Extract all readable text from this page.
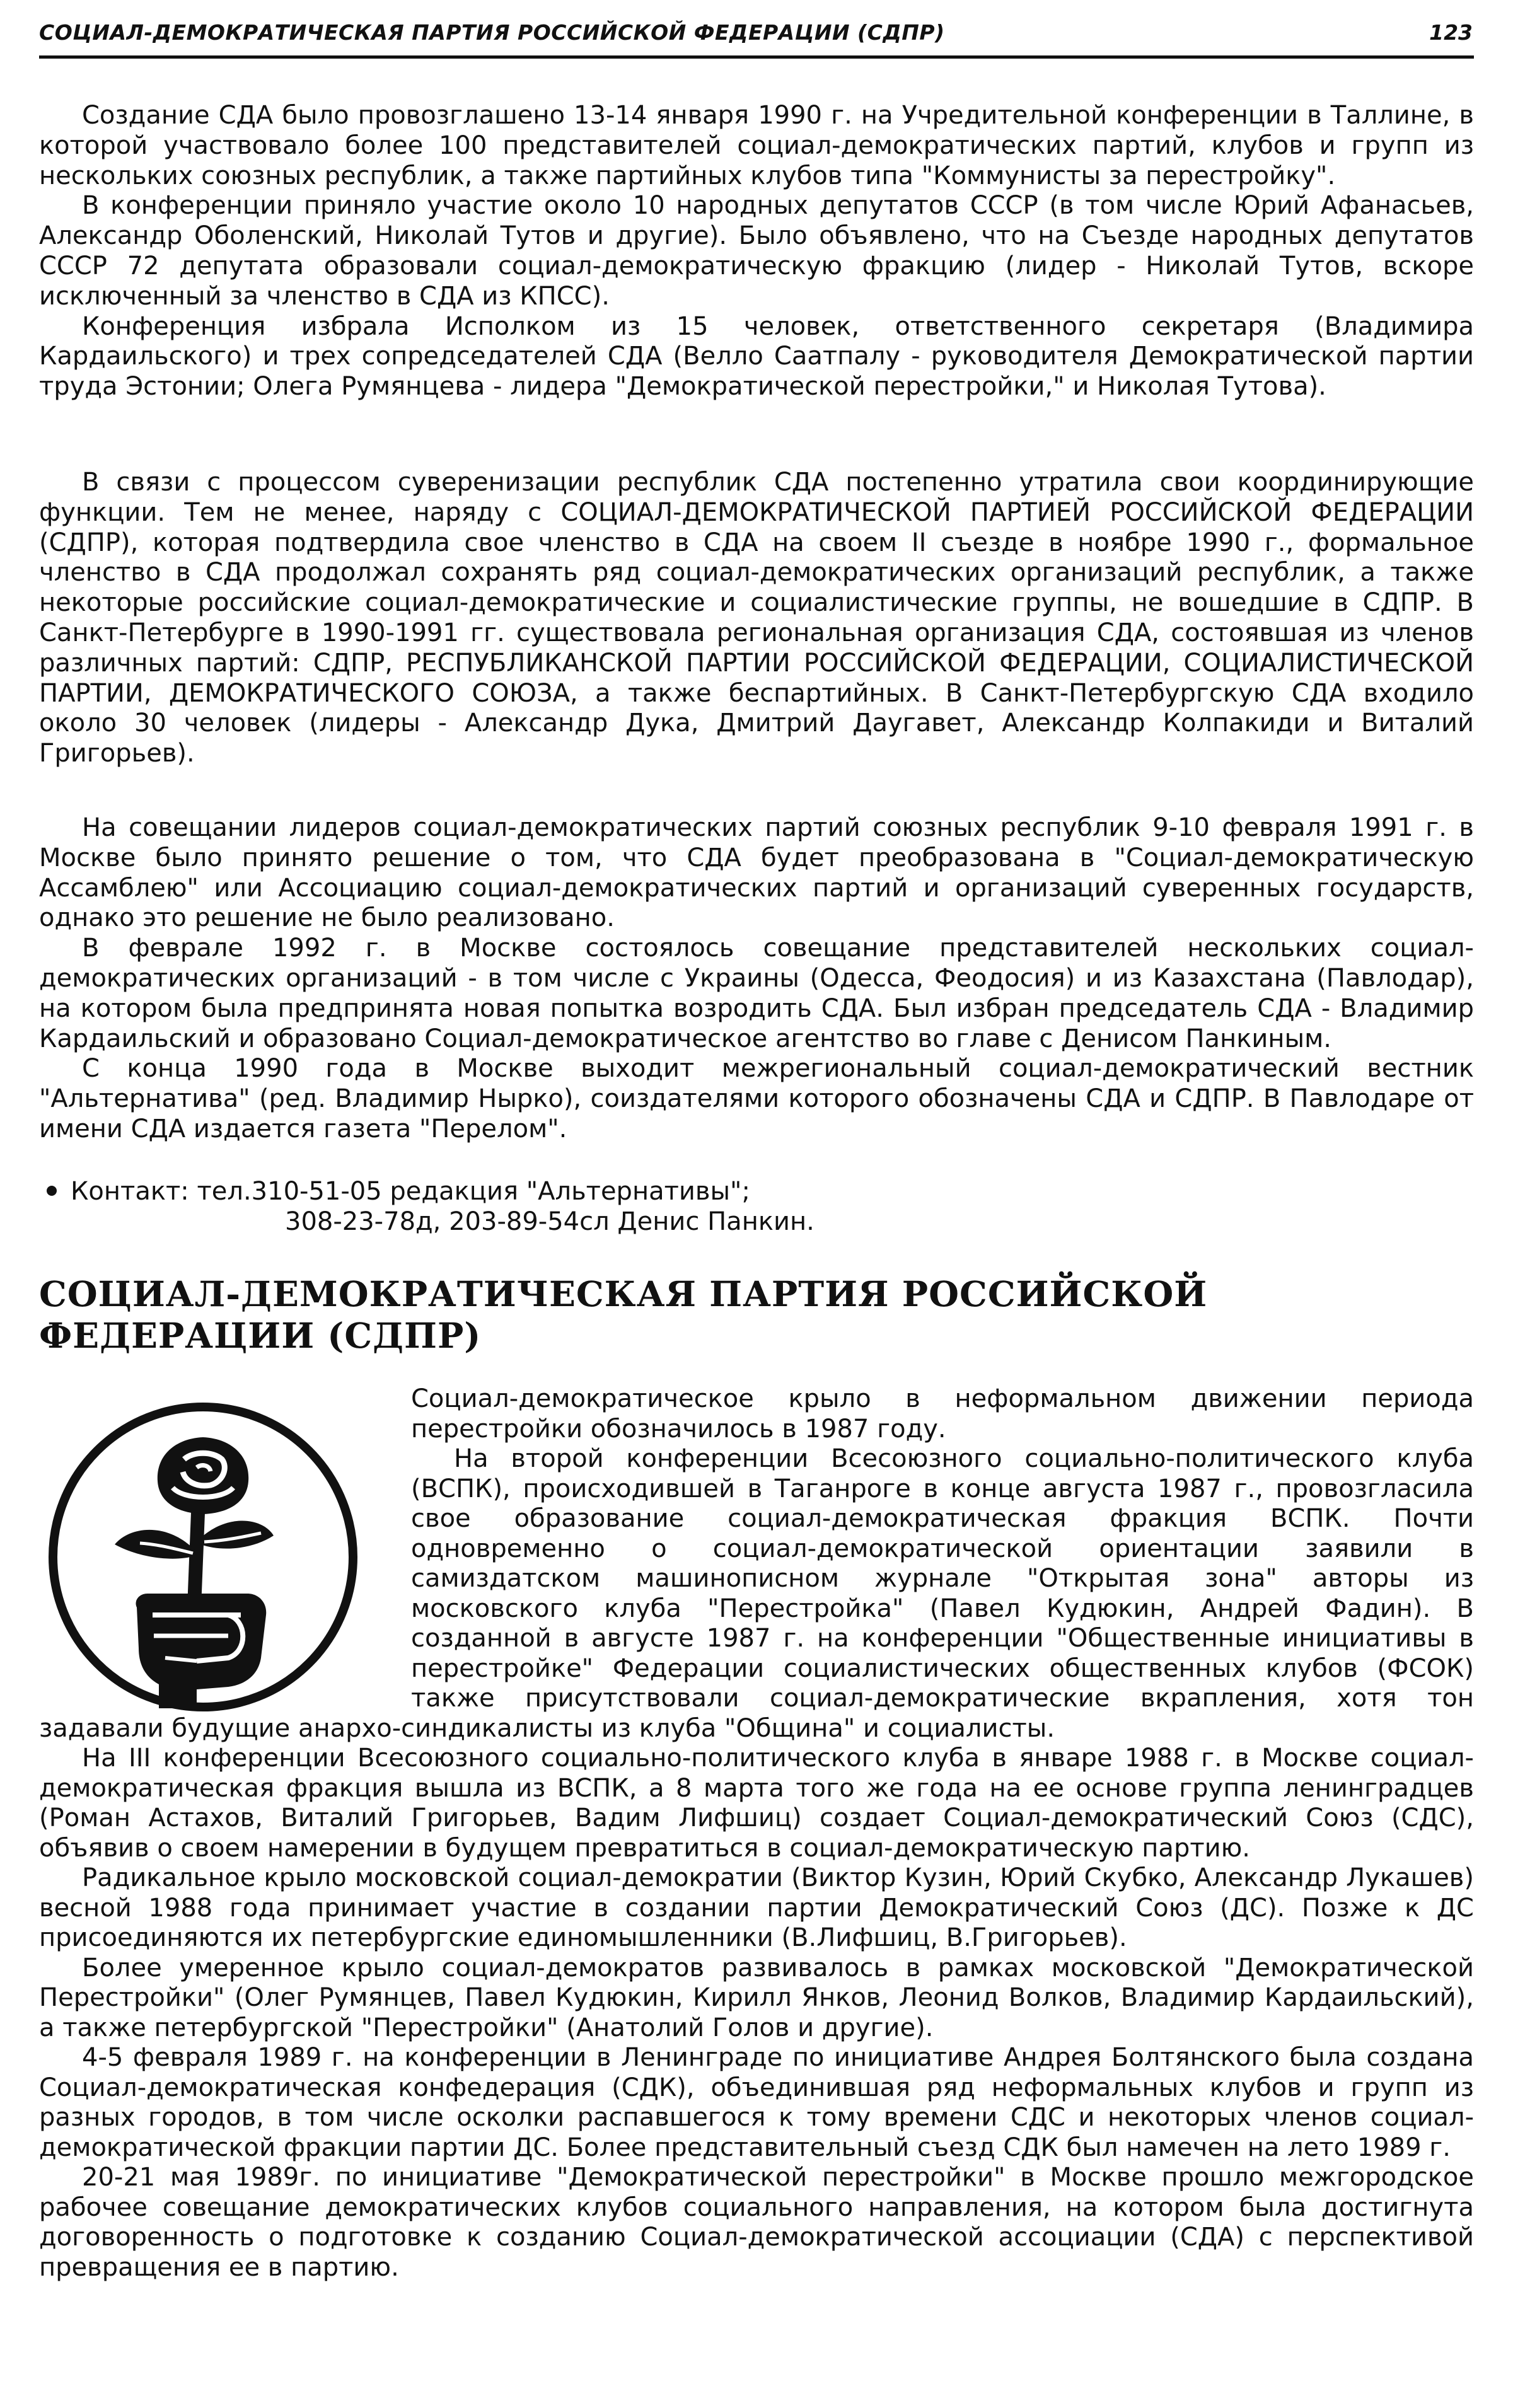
СОЦИАЛ-ДЕМОКРАТИЧЕСКАЯ ПАРТИЯ РОССИЙСКОЙ ФЕДЕРАЦИИ (СДПР)	123

Создание СДА было провозглашено 13-14 января 1990 г. на Учредительной конференции в Таллине, в которой участвовало более 100 представителей социал-демократических партий, клубов и групп из нескольких союзных республик, а также партийных клубов типа "Коммунисты за перестройку".

В конференции приняло участие около 10 народных депутатов СССР (в том числе Юрий Афанасьев, Александр Оболенский, Николай Тутов и другие). Было объявлено, что на Съезде народных депутатов СССР 72 депутата образовали социал-демократическую фракцию (лидер - Николай Тутов, вскоре исключенный за членство в СДА из КПСС).

Конференция избрала Исполком из 15 человек, ответственного секретаря (Владимира Кардаильского) и трех сопредседателей СДА (Велло Саатпалу - руководителя Демократической партии труда Эстонии; Олега Румянцева - лидера "Демократической перестройки," и Николая Тутова).

В связи с процессом суверенизации республик СДА постепенно утратила свои координирующие функции. Тем не менее, наряду с СОЦИАЛ-ДЕМОКРАТИЧЕСКОЙ ПАРТИЕЙ РОССИЙСКОЙ ФЕДЕРАЦИИ (СДПР), которая подтвердила свое членство в СДА на своем II съезде в ноябре 1990 г., формальное членство в СДА продолжал сохранять ряд социал-демократических организаций республик, а также некоторые российские социал-демократические и социалистические группы, не вошедшие в СДПР. В Санкт-Петербурге в 1990-1991 гг. существовала региональная организация СДА, состоявшая из членов различных партий: СДПР, РЕСПУБЛИКАНСКОЙ ПАРТИИ РОССИЙСКОЙ ФЕДЕРАЦИИ, СОЦИАЛИСТИЧЕСКОЙ ПАРТИИ, ДЕМОКРАТИЧЕСКОГО СОЮЗА, а также беспартийных. В Санкт-Петербургскую СДА входило около 30 человек (лидеры - Александр Дука, Дмитрий Даугавет, Александр Колпакиди и Виталий Григорьев).

На совещании лидеров социал-демократических партий союзных республик 9-10 февраля 1991 г. в Москве было принято решение о том, что СДА будет преобразована в "Социал-демократическую Ассамблею" или Ассоциацию социал-демократических партий и организаций суверенных государств, однако это решение не было реализовано.

В феврале 1992 г. в Москве состоялось совещание представителей нескольких социал-демократических организаций - в том числе с Украины (Одесса, Феодосия) и из Казахстана (Павлодар), на котором была предпринята новая попытка возродить СДА. Был избран председатель СДА - Владимир Кардаильский и образовано Социал-демократическое агентство во главе с Денисом Панкиным.

С конца 1990 года в Москве выходит межрегиональный социал-демократический вестник "Альтернатива" (ред. Владимир Нырко), соиздателями которого обозначены СДА и СДПР. В Павлодаре от имени СДА издается газета "Перелом".

Контакт: тел.310-51-05 редакция "Альтернативы";
308-23-78д, 203-89-54сл Денис Панкин.
СОЦИАЛ-ДЕМОКРАТИЧЕСКАЯ ПАРТИЯ РОССИЙСКОЙ ФЕДЕРАЦИИ (СДПР)

Социал-демократическое крыло в неформальном движении периода перестройки обозначилось в 1987 году.

На второй конференции Всесоюзного социально-политического клуба (ВСПК), происходившей в Таганроге в конце августа 1987 г., провозгласила свое образование социал-демократическая фракция ВСПК. Почти одновременно о социал-демократической ориентации заявили в самиздатском машинописном журнале "Открытая зона" авторы из московского клуба "Перестройка" (Павел Кудюкин, Андрей Фадин). В созданной в августе 1987 г. на конференции "Общественные инициативы в перестройке" Федерации социалистических общественных клубов (ФСОК) также присутствовали социал-демократические вкрапления, хотя тон задавали будущие анархо-синдикалисты из клуба "Община" и социалисты.

На III конференции Всесоюзного социально-политического клуба в январе 1988 г. в Москве социал-демократическая фракция вышла из ВСПК, а 8 марта того же года на ее основе группа ленинградцев (Роман Астахов, Виталий Григорьев, Вадим Лифшиц) создает Социал-демократический Союз (СДС), объявив о своем намерении в будущем превратиться в социал-демократическую партию.

Радикальное крыло московской социал-демократии (Виктор Кузин, Юрий Скубко, Александр Лукашев) весной 1988 года принимает участие в создании партии Демократический Союз (ДС). Позже к ДС присоединяются их петербургские единомышленники (В.Лифшиц, В.Григорьев).

Более умеренное крыло социал-демократов развивалось в рамках московской "Демократической Перестройки" (Олег Румянцев, Павел Кудюкин, Кирилл Янков, Леонид Волков, Владимир Кардаильский), а также петербургской "Перестройки" (Анатолий Голов и другие).

4-5 февраля 1989 г. на конференции в Ленинграде по инициативе Андрея Болтянского была создана Социал-демократическая конфедерация (СДК), объединившая ряд неформальных клубов и групп из разных городов, в том числе осколки распавшегося к тому времени СДС и некоторых членов социал-демократической фракции партии ДС. Более представительный съезд СДК был намечен на лето 1989 г.

20-21 мая 1989г. по инициативе "Демократической перестройки" в Москве прошло межгородское рабочее совещание демократических клубов социального направления, на котором была достигнута договоренность о подготовке к созданию Социал-демократической ассоциации (СДА) с перспективой превращения ее в партию.
